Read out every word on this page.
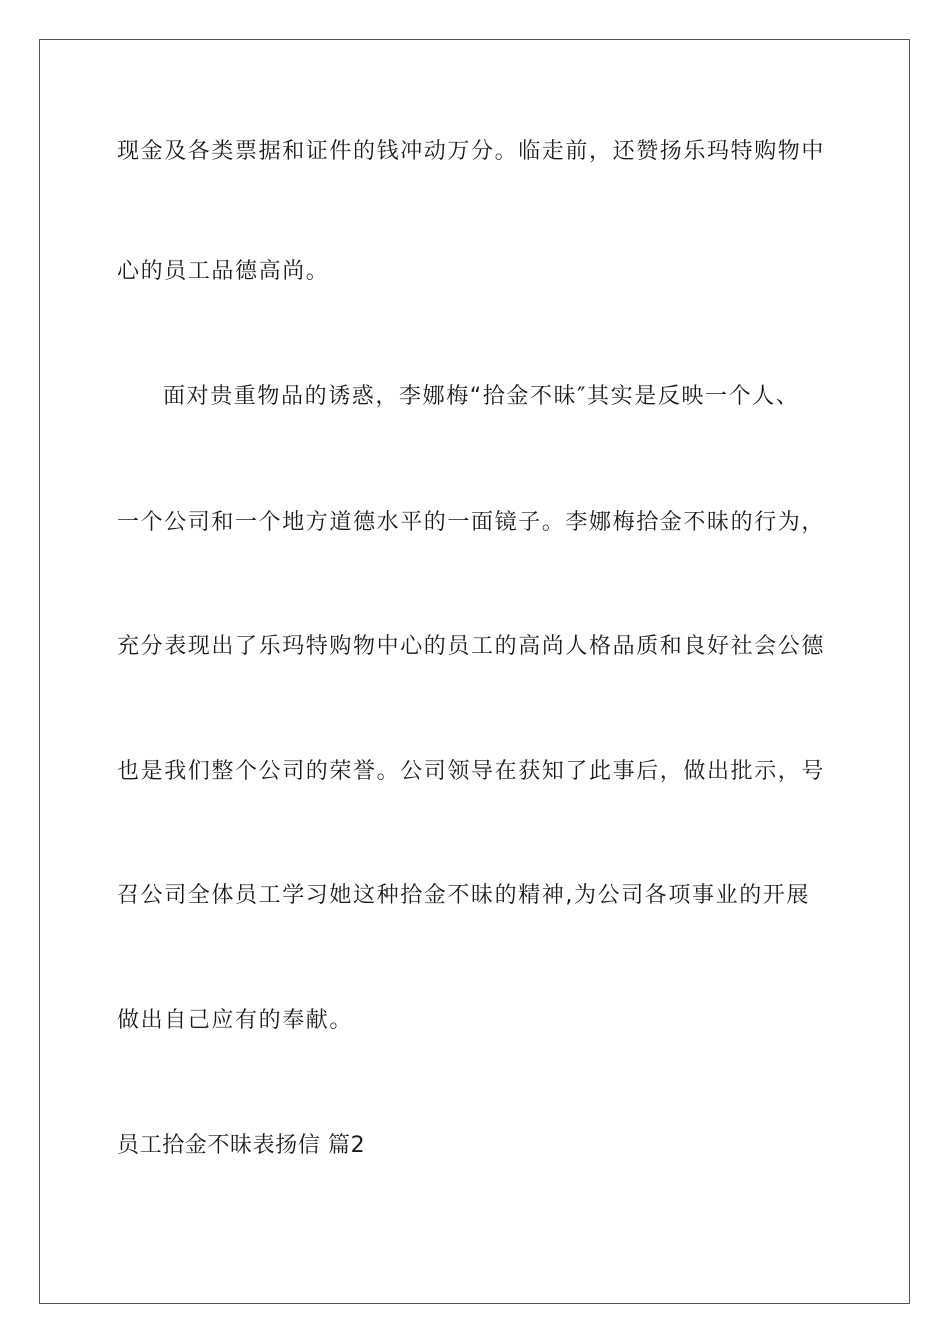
现金及各类票据和证件的钱冲动万分。临走前，还赞扬乐玛特购物中
心的员工品德高尚。
面对贵重物品的诱惑，李娜梅“拾金不昧″其实是反映一个人、
一个公司和一个地方道德水平的一面镜子。李娜梅拾金不昧的行为，
充分表现出了乐玛特购物中心的员工的高尚人格品质和良好社会公德
也是我们整个公司的荣誉。公司领导在获知了此事后，做出批示，号
召公司全体员工学习她这种拾金不昧的精神,为公司各项事业的开展
做出自己应有的奉献。
员工拾金不昧表扬信 篇2
